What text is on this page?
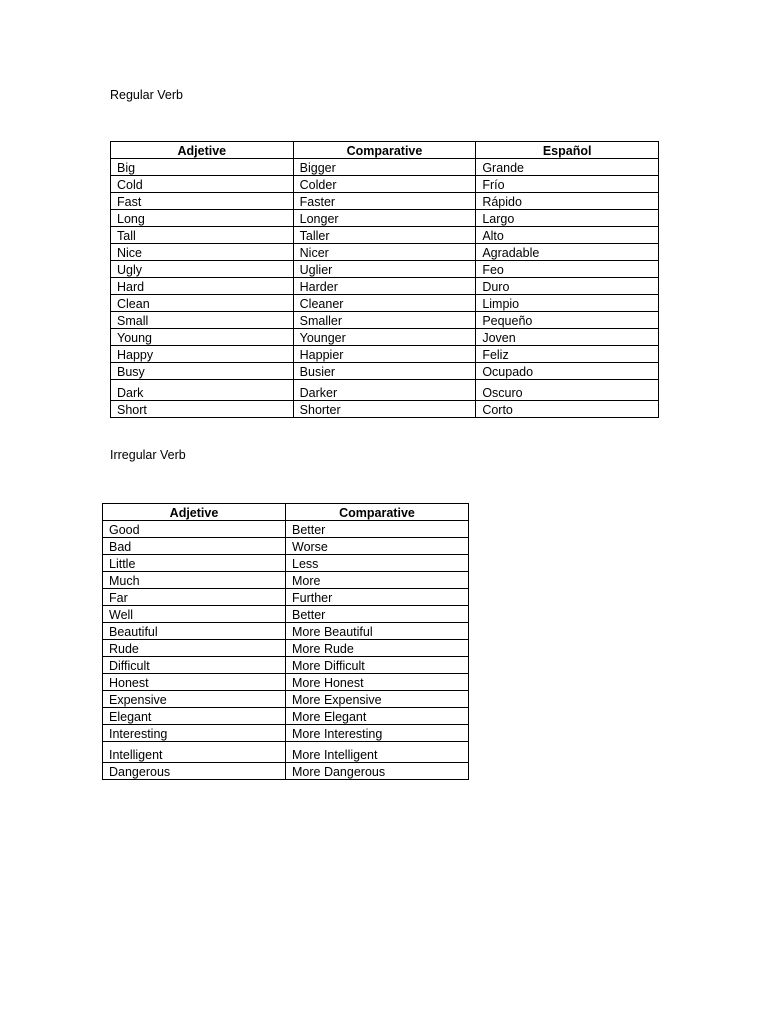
Regular Verb

Adjetive	Comparative	Español
Big	Bigger	Grande
Cold	Colder	Frío
Fast	Faster	Rápido
Long	Longer	Largo
Tall	Taller	Alto
Nice	Nicer	Agradable
Ugly	Uglier	Feo
Hard	Harder	Duro
Clean	Cleaner	Limpio
Small	Smaller	Pequeño
Young	Younger	Joven
Happy	Happier	Feliz
Busy	Busier	Ocupado
Dark	Darker	Oscuro
Short	Shorter	Corto

Irregular Verb

Adjetive	Comparative
Good	Better
Bad	Worse
Little	Less
Much	More
Far	Further
Well	Better
Beautiful	More Beautiful
Rude	More Rude
Difficult	More Difficult
Honest	More Honest
Expensive	More Expensive
Elegant	More Elegant
Interesting	More Interesting
Intelligent	More Intelligent
Dangerous	More Dangerous
